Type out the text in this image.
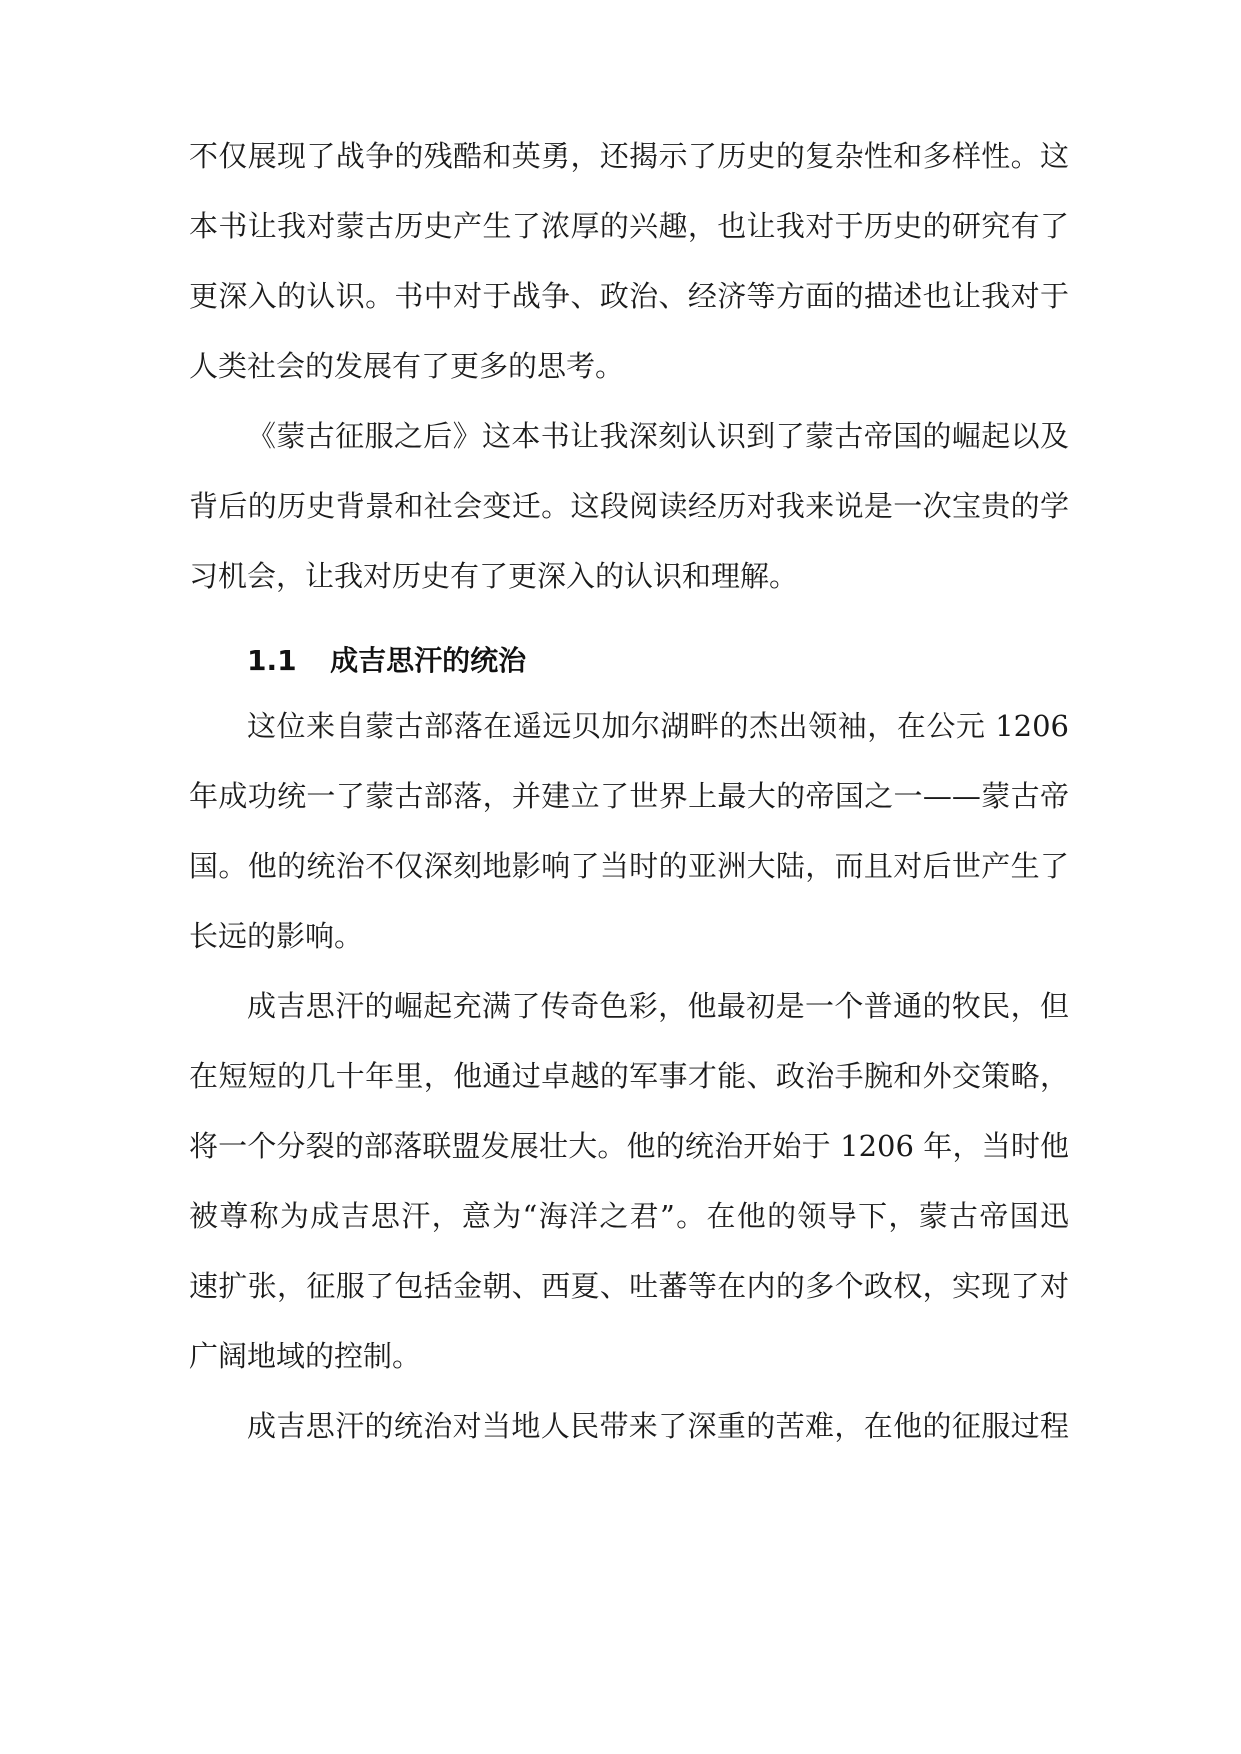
不仅展现了战争的残酷和英勇，还揭示了历史的复杂性和多样性。这
本书让我对蒙古历史产生了浓厚的兴趣，也让我对于历史的研究有了
更深入的认识。书中对于战争、政治、经济等方面的描述也让我对于
人类社会的发展有了更多的思考。
《蒙古征服之后》这本书让我深刻认识到了蒙古帝国的崛起以及
背后的历史背景和社会变迁。这段阅读经历对我来说是一次宝贵的学
习机会，让我对历史有了更深入的认识和理解。
1.1 成吉思汗的统治
这位来自蒙古部落在遥远贝加尔湖畔的杰出领袖，在公元 1206
年成功统一了蒙古部落，并建立了世界上最大的帝国之一——蒙古帝
国。他的统治不仅深刻地影响了当时的亚洲大陆，而且对后世产生了
长远的影响。
成吉思汗的崛起充满了传奇色彩，他最初是一个普通的牧民，但
在短短的几十年里，他通过卓越的军事才能、政治手腕和外交策略，
将一个分裂的部落联盟发展壮大。他的统治开始于 1206 年，当时他
被尊称为成吉思汗，意为“海洋之君”。在他的领导下，蒙古帝国迅
速扩张，征服了包括金朝、西夏、吐蕃等在内的多个政权，实现了对
广阔地域的控制。
成吉思汗的统治对当地人民带来了深重的苦难，在他的征服过程
